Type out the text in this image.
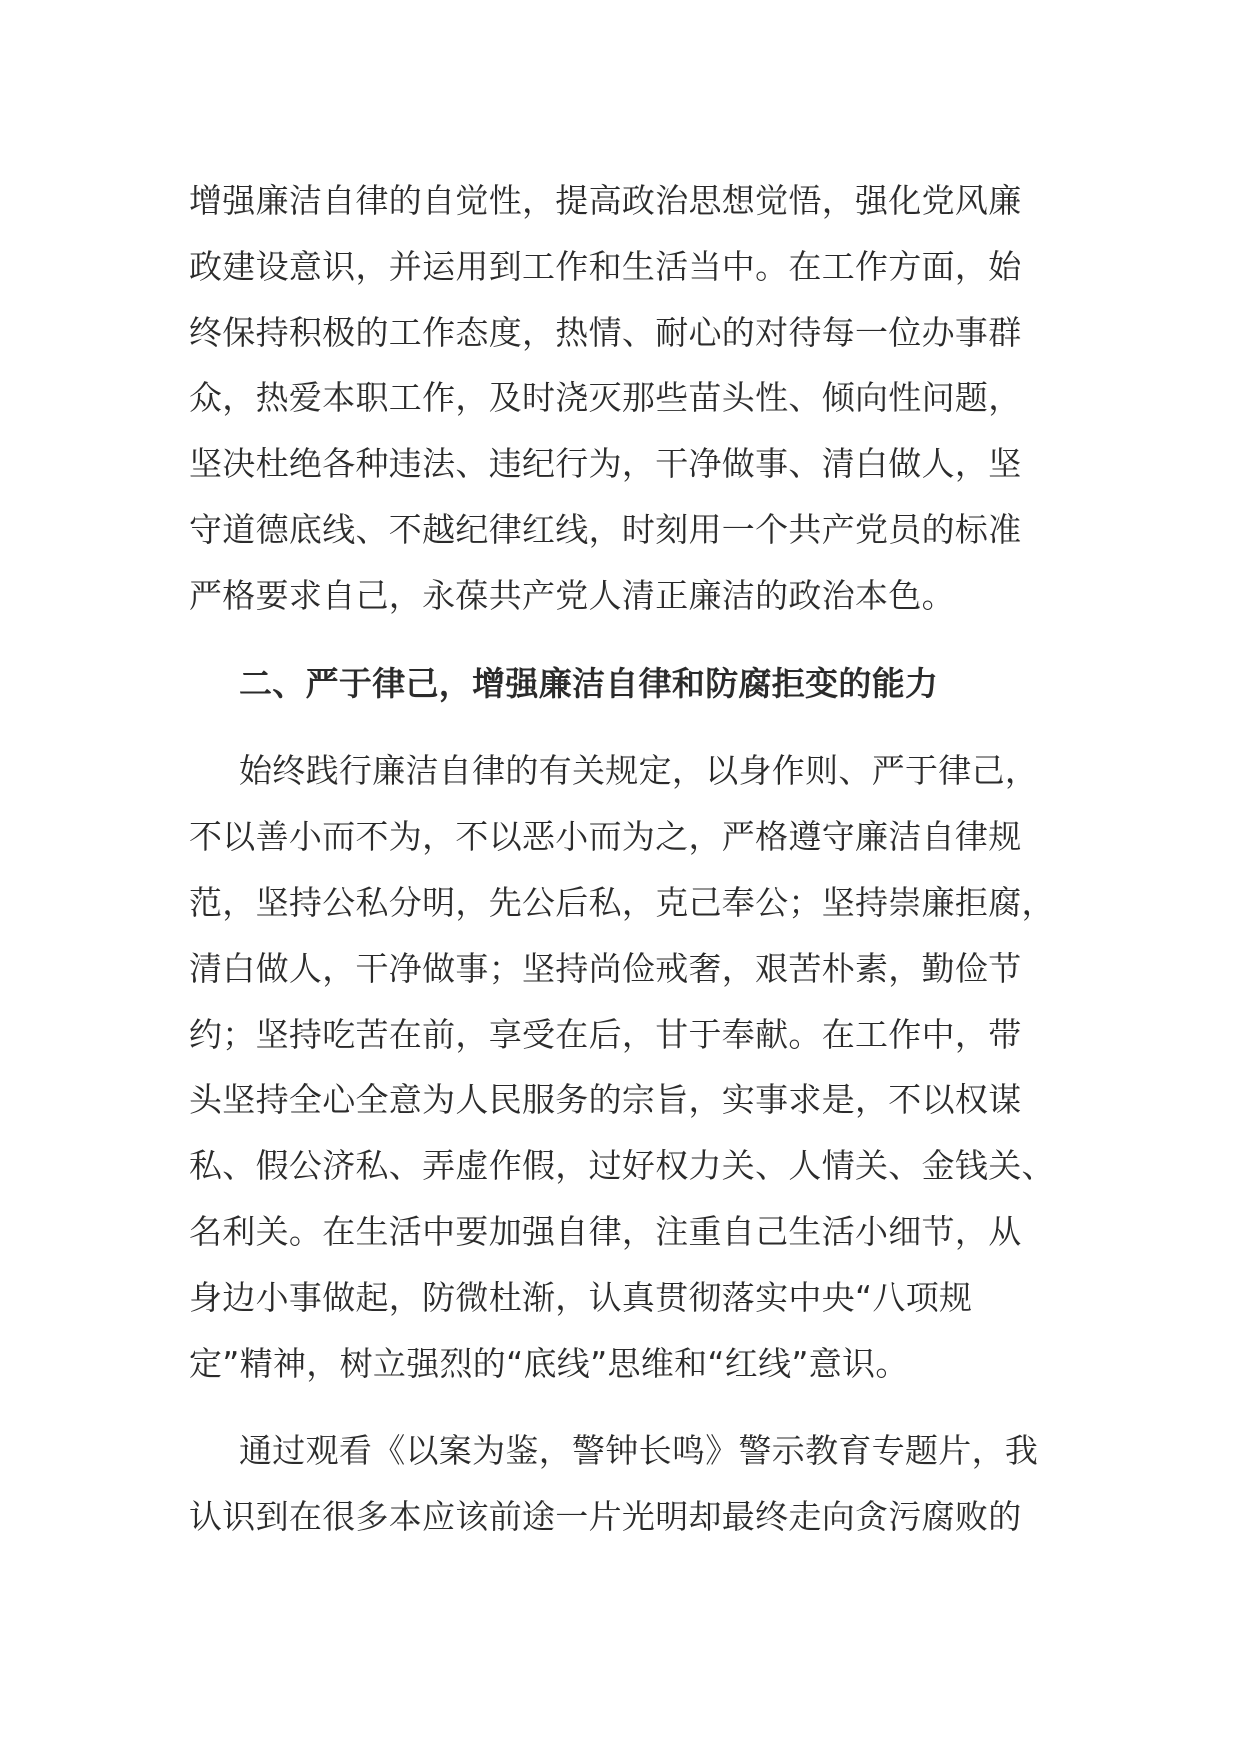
增强廉洁自律的自觉性，提高政治思想觉悟，强化党风廉
政建设意识，并运用到工作和生活当中。在工作方面，始
终保持积极的工作态度，热情、耐心的对待每一位办事群
众，热爱本职工作，及时浇灭那些苗头性、倾向性问题，
坚决杜绝各种违法、违纪行为，干净做事、清白做人，坚
守道德底线、不越纪律红线，时刻用一个共产党员的标准
严格要求自己，永葆共产党人清正廉洁的政治本色。
二、严于律己，增强廉洁自律和防腐拒变的能力
始终践行廉洁自律的有关规定，以身作则、严于律己，
不以善小而不为，不以恶小而为之，严格遵守廉洁自律规
范，坚持公私分明，先公后私，克己奉公；坚持崇廉拒腐，
清白做人，干净做事；坚持尚俭戒奢，艰苦朴素，勤俭节
约；坚持吃苦在前，享受在后，甘于奉献。在工作中，带
头坚持全心全意为人民服务的宗旨，实事求是，不以权谋
私、假公济私、弄虚作假，过好权力关、人情关、金钱关、
名利关。在生活中要加强自律，注重自己生活小细节，从
身边小事做起，防微杜渐，认真贯彻落实中央“八项规
定”精神，树立强烈的“底线”思维和“红线”意识。
通过观看《以案为鉴，警钟长鸣》警示教育专题片，我
认识到在很多本应该前途一片光明却最终走向贪污腐败的
